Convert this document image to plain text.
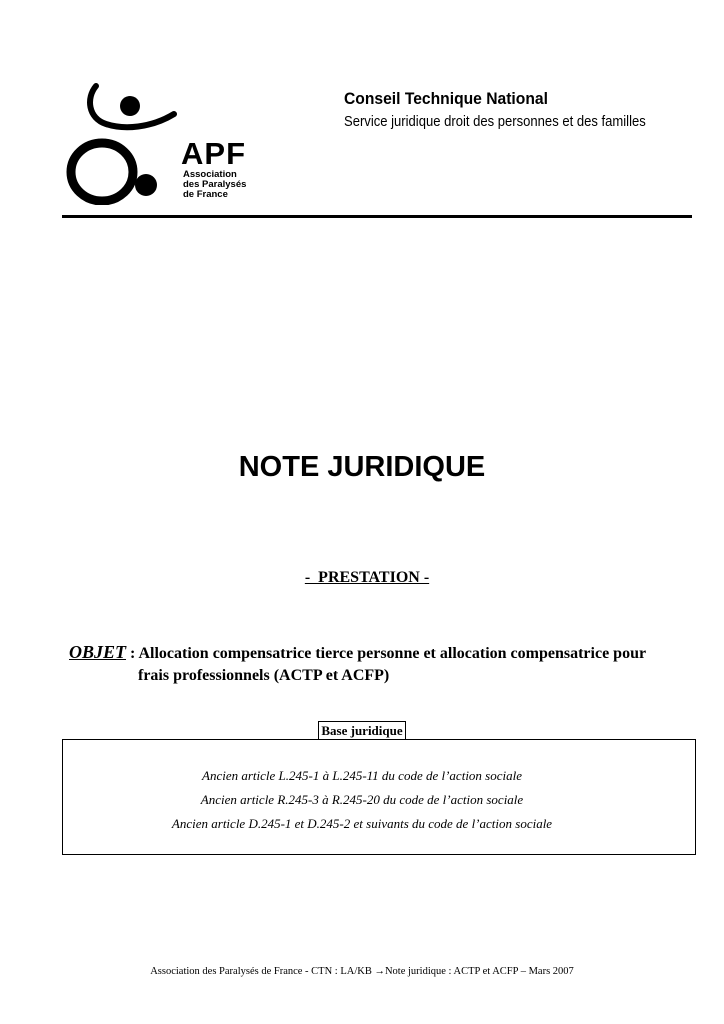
APF
Association
des Paralysés
de France
Conseil Technique National
Service juridique droit des personnes et des familles
NOTE JURIDIQUE
-  PRESTATION -
OBJET : Allocation compensatrice tierce personne et allocation compensatrice pour
frais professionnels (ACTP et ACFP)
Base juridique
Ancien article L.245-1 à L.245-11 du code de l’action sociale
Ancien article R.245-3 à R.245-20 du code de l’action sociale
Ancien article D.245-1 et D.245-2 et suivants du code de l’action sociale
Association des Paralysés de France - CTN : LA/KB →Note juridique : ACTP et ACFP – Mars 2007
